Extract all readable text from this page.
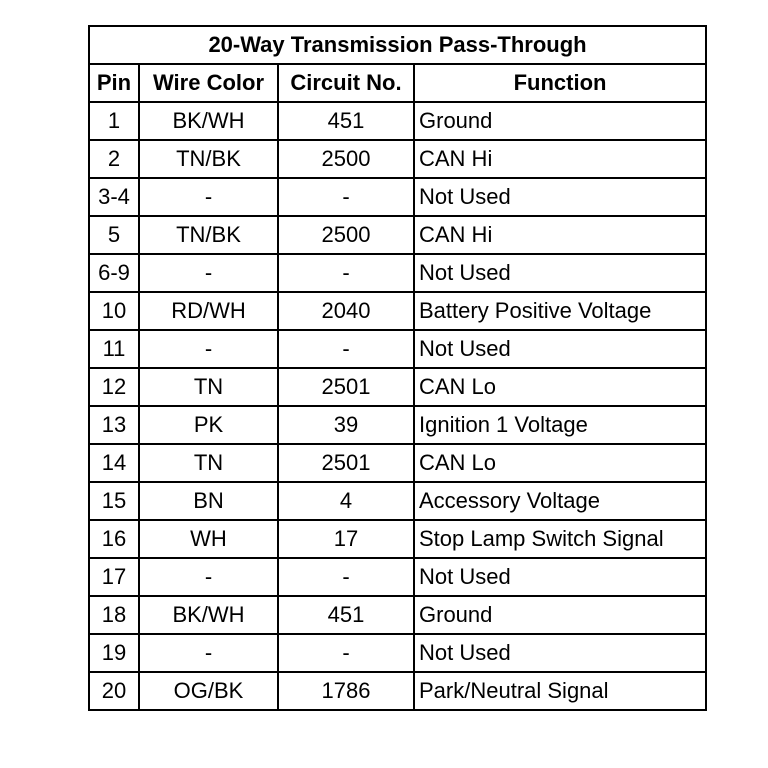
20-Way Transmission Pass-Through			
Pin	Wire Color	Circuit No.	Function
1	BK/WH	451	Ground
2	TN/BK	2500	CAN Hi
3-4	-	-	Not Used
5	TN/BK	2500	CAN Hi
6-9	-	-	Not Used
10	RD/WH	2040	Battery Positive Voltage
11	-	-	Not Used
12	TN	2501	CAN Lo
13	PK	39	Ignition 1 Voltage
14	TN	2501	CAN Lo
15	BN	4	Accessory Voltage
16	WH	17	Stop Lamp Switch Signal
17	-	-	Not Used
18	BK/WH	451	Ground
19	-	-	Not Used
20	OG/BK	1786	Park/Neutral Signal
